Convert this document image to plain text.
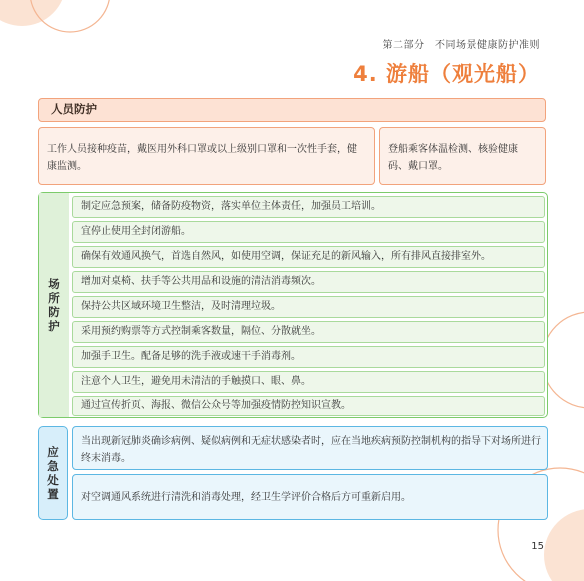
第二部分　不同场景健康防护准则
4. 游船（观光船）
人员防护
工作人员接种疫苗，戴医用外科口罩或以上级别口罩和一次性手套，健康监测。
登船乘客体温检测、核验健康码、戴口罩。
场所防护
制定应急预案，储备防疫物资，落实单位主体责任，加强员工培训。
宜停止使用全封闭游船。
确保有效通风换气，首选自然风，如使用空调，保证充足的新风输入，所有排风直接排室外。
增加对桌椅、扶手等公共用品和设施的清洁消毒频次。
保持公共区域环境卫生整洁，及时清理垃圾。
采用预约购票等方式控制乘客数量，隔位、分散就坐。
加强手卫生。配备足够的洗手液或速干手消毒剂。
注意个人卫生，避免用未清洁的手触摸口、眼、鼻。
通过宣传折页、海报、微信公众号等加强疫情防控知识宣教。
应急处置
当出现新冠肺炎确诊病例、疑似病例和无症状感染者时，应在当地疾病预防控制机构的指导下对场所进行终末消毒。
对空调通风系统进行清洗和消毒处理，经卫生学评价合格后方可重新启用。
15
